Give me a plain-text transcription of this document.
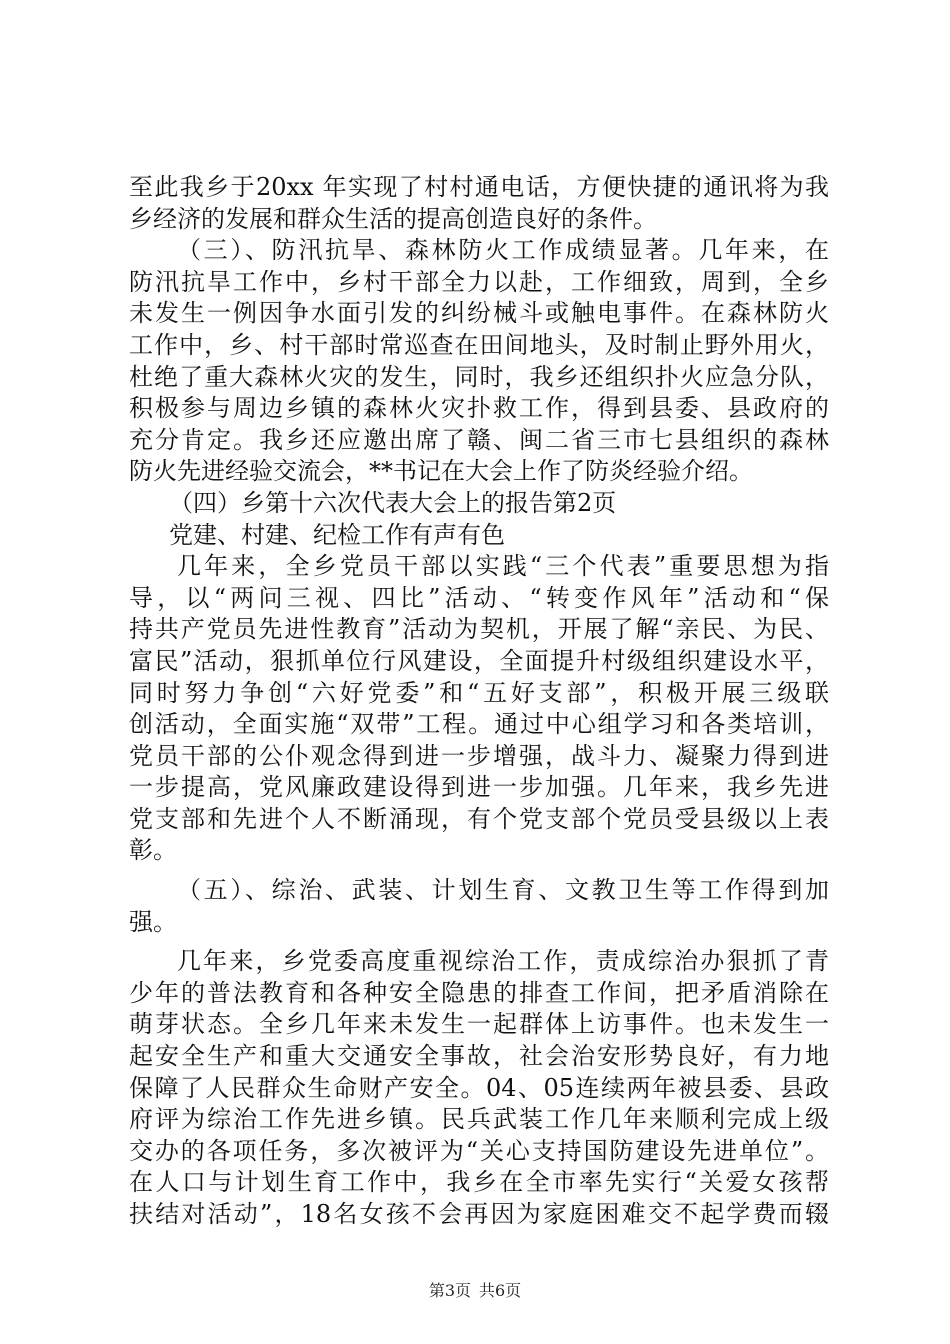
至此我乡于20xx 年实现了村村通电话，方便快捷的通讯将为我
乡经济的发展和群众生活的提高创造良好的条件。
（三）、防汛抗旱、森林防火工作成绩显著。几年来，在
防汛抗旱工作中，乡村干部全力以赴，工作细致，周到，全乡
未发生一例因争水面引发的纠纷械斗或触电事件。在森林防火
工作中，乡、村干部时常巡查在田间地头，及时制止野外用火，
杜绝了重大森林火灾的发生，同时，我乡还组织扑火应急分队，
积极参与周边乡镇的森林火灾扑救工作，得到县委、县政府的
充分肯定。我乡还应邀出席了赣、闽二省三市七县组织的森林
防火先进经验交流会，**书记在大会上作了防炎经验介绍。
（四）乡第十六次代表大会上的报告第2页
党建、村建、纪检工作有声有色
几年来，全乡党员干部以实践“三个代表”重要思想为指
导，以“两问三视、四比”活动、“转变作风年”活动和“保
持共产党员先进性教育”活动为契机，开展了解“亲民、为民、
富民”活动，狠抓单位行风建设，全面提升村级组织建设水平，
同时努力争创“六好党委”和“五好支部”，积极开展三级联
创活动，全面实施“双带”工程。通过中心组学习和各类培训，
党员干部的公仆观念得到进一步增强，战斗力、凝聚力得到进
一步提高，党风廉政建设得到进一步加强。几年来，我乡先进
党支部和先进个人不断涌现，有个党支部个党员受县级以上表
彰。
（五）、综治、武装、计划生育、文教卫生等工作得到加
强。
几年来，乡党委高度重视综治工作，责成综治办狠抓了青
少年的普法教育和各种安全隐患的排查工作间，把矛盾消除在
萌芽状态。全乡几年来未发生一起群体上访事件。也未发生一
起安全生产和重大交通安全事故，社会治安形势良好，有力地
保障了人民群众生命财产安全。04、05连续两年被县委、县政
府评为综治工作先进乡镇。民兵武装工作几年来顺利完成上级
交办的各项任务，多次被评为“关心支持国防建设先进单位”。
在人口与计划生育工作中，我乡在全市率先实行“关爱女孩帮
扶结对活动”，18名女孩不会再因为家庭困难交不起学费而辍
第3页 共6页
